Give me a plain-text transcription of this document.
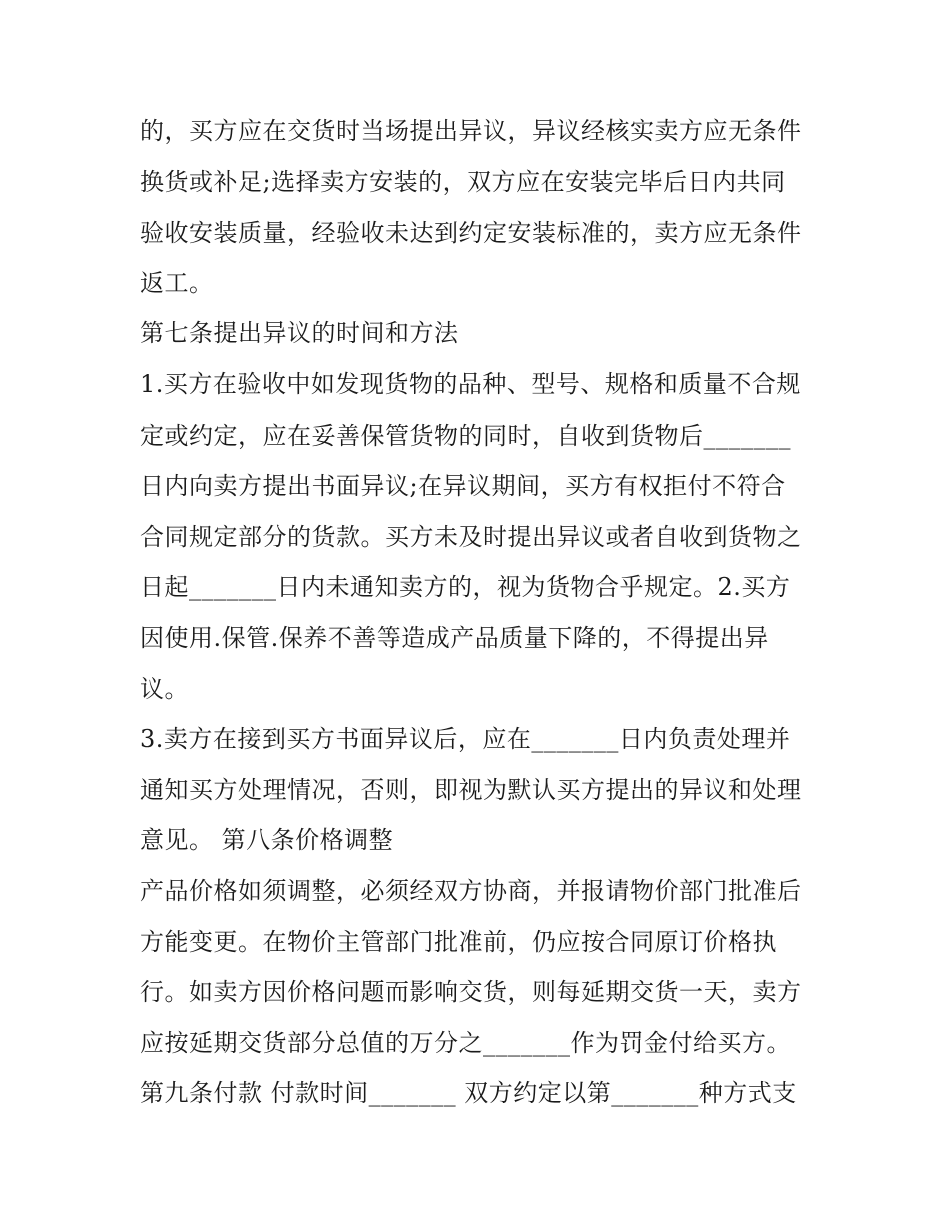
的，买方应在交货时当场提出异议，异议经核实卖方应无条件
换货或补足;选择卖方安装的，双方应在安装完毕后日内共同
验收安装质量，经验收未达到约定安装标准的，卖方应无条件
返工。
第七条提出异议的时间和方法
1.买方在验收中如发现货物的品种、型号、规格和质量不合规
定或约定，应在妥善保管货物的同时，自收到货物后_______
日内向卖方提出书面异议;在异议期间，买方有权拒付不符合
合同规定部分的货款。买方未及时提出异议或者自收到货物之
日起_______日内未通知卖方的，视为货物合乎规定。2.买方
因使用.保管.保养不善等造成产品质量下降的，不得提出异
议。
3.卖方在接到买方书面异议后，应在_______日内负责处理并
通知买方处理情况，否则，即视为默认买方提出的异议和处理
意见。 第八条价格调整
产品价格如须调整，必须经双方协商，并报请物价部门批准后
方能变更。在物价主管部门批准前，仍应按合同原订价格执
行。如卖方因价格问题而影响交货，则每延期交货一天，卖方
应按延期交货部分总值的万分之_______作为罚金付给买方。
第九条付款 付款时间_______ 双方约定以第_______种方式支
